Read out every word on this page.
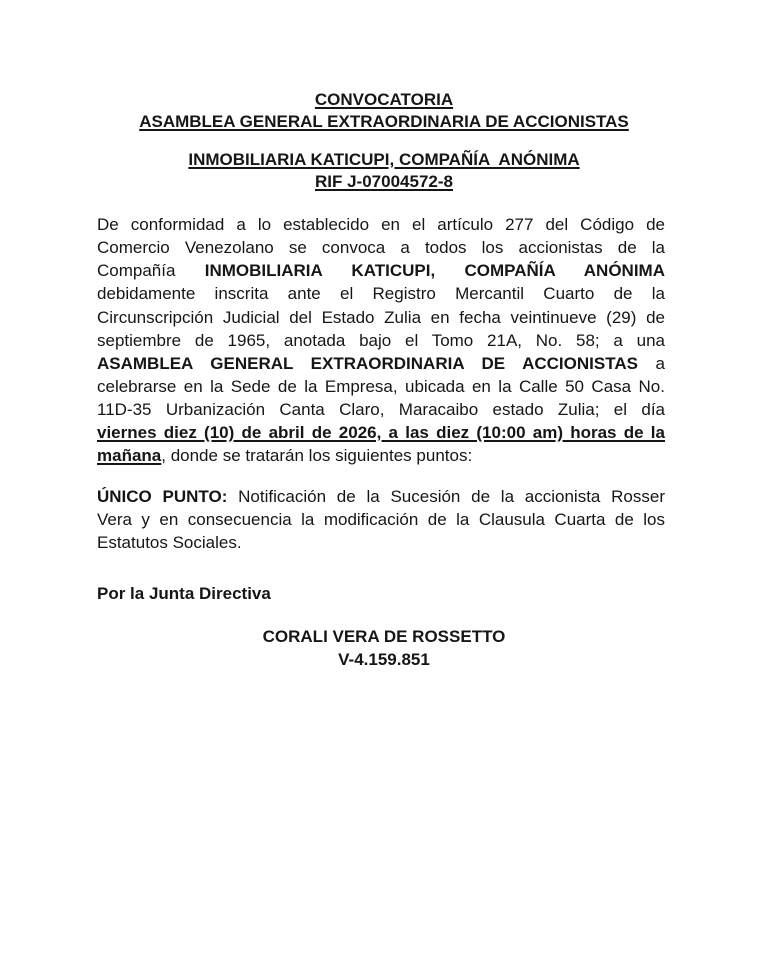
CONVOCATORIA
ASAMBLEA GENERAL EXTRAORDINARIA DE ACCIONISTAS
INMOBILIARIA KATICUPI, COMPAÑÍA  ANÓNIMA
RIF J-07004572-8
De conformidad a lo establecido en el artículo 277 del Código de
Comercio Venezolano se convoca a todos los accionistas de la
Compañía INMOBILIARIA KATICUPI, COMPAÑÍA ANÓNIMA
debidamente inscrita ante el Registro Mercantil Cuarto de la
Circunscripción Judicial del Estado Zulia en fecha veintinueve (29) de
septiembre de 1965, anotada bajo el Tomo 21A, No. 58; a una
ASAMBLEA GENERAL EXTRAORDINARIA DE ACCIONISTAS a
celebrarse en la Sede de la Empresa, ubicada en la Calle 50 Casa No.
11D-35 Urbanización Canta Claro, Maracaibo estado Zulia; el día
viernes diez (10) de abril de 2026, a las diez (10:00 am) horas de la
mañana, donde se tratarán los siguientes puntos:
ÚNICO PUNTO: Notificación de la Sucesión de la accionista Rosser
Vera y en consecuencia la modificación de la Clausula Cuarta de los
Estatutos Sociales.
Por la Junta Directiva
CORALI VERA DE ROSSETTO
V-4.159.851
